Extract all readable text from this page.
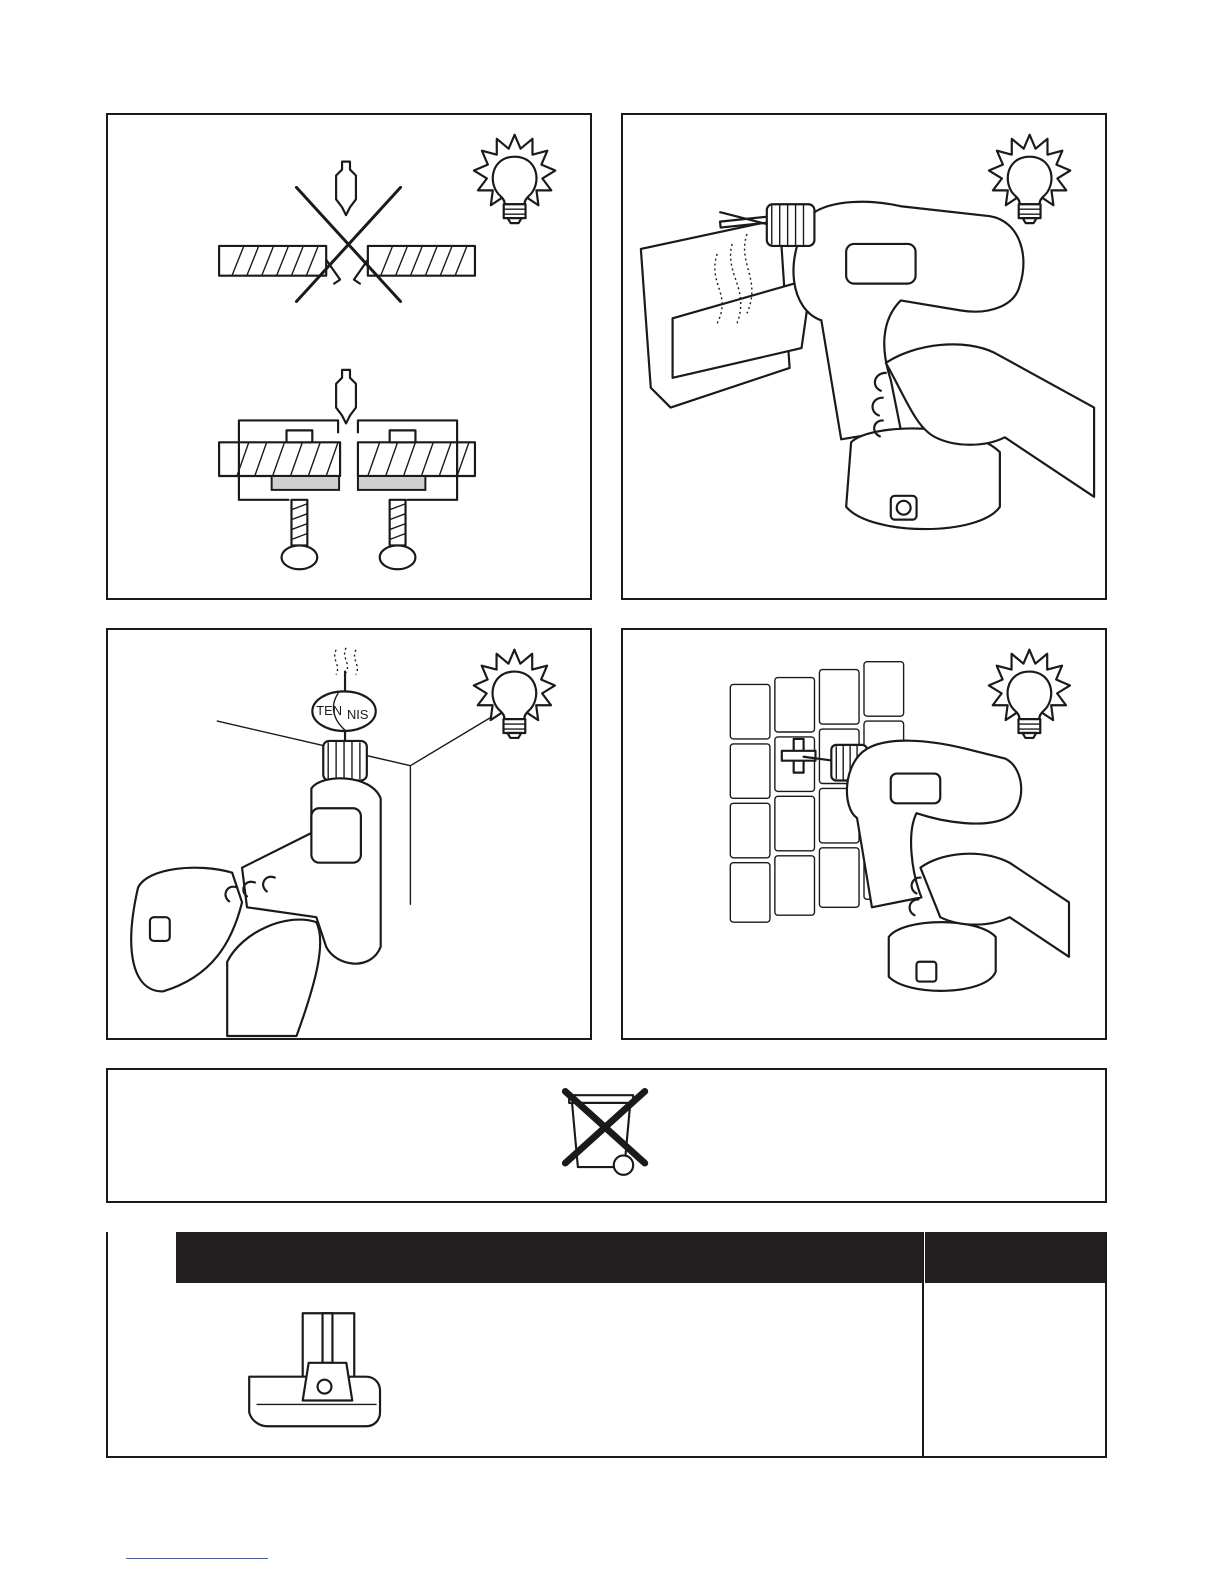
TEN NIS
